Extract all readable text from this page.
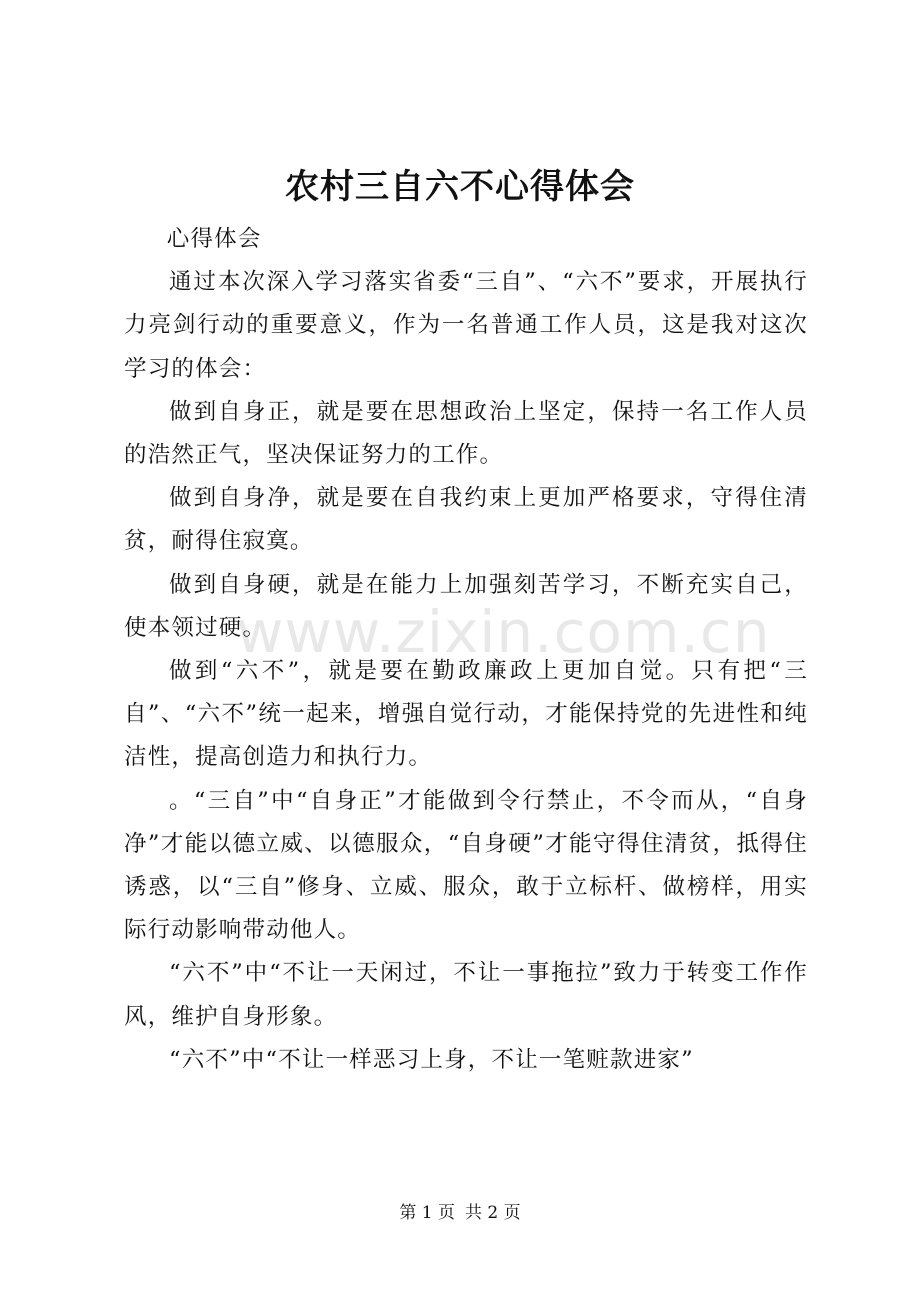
农村三自六不心得体会

心得体会

通过本次深入学习落实省委“三自”、“六不”要求，开展执行力亮剑行动的重要意义，作为一名普通工作人员，这是我对这次学习的体会：

做到自身正，就是要在思想政治上坚定，保持一名工作人员的浩然正气，坚决保证努力的工作。

做到自身净，就是要在自我约束上更加严格要求，守得住清贫，耐得住寂寞。

做到自身硬，就是在能力上加强刻苦学习，不断充实自己，使本领过硬。

做到“六不”，就是要在勤政廉政上更加自觉。只有把“三自”、“六不”统一起来，增强自觉行动，才能保持党的先进性和纯洁性，提高创造力和执行力。

。“三自”中“自身正”才能做到令行禁止，不令而从，“自身净”才能以德立威、以德服众，“自身硬”才能守得住清贫，抵得住诱惑，以“三自”修身、立威、服众，敢于立标杆、做榜样，用实际行动影响带动他人。

“六不”中“不让一天闲过，不让一事拖拉”致力于转变工作作风，维护自身形象。

“六不”中“不让一样恶习上身，不让一笔赃款进家”

www.zixin.com.cn
第 1 页 共 2 页
